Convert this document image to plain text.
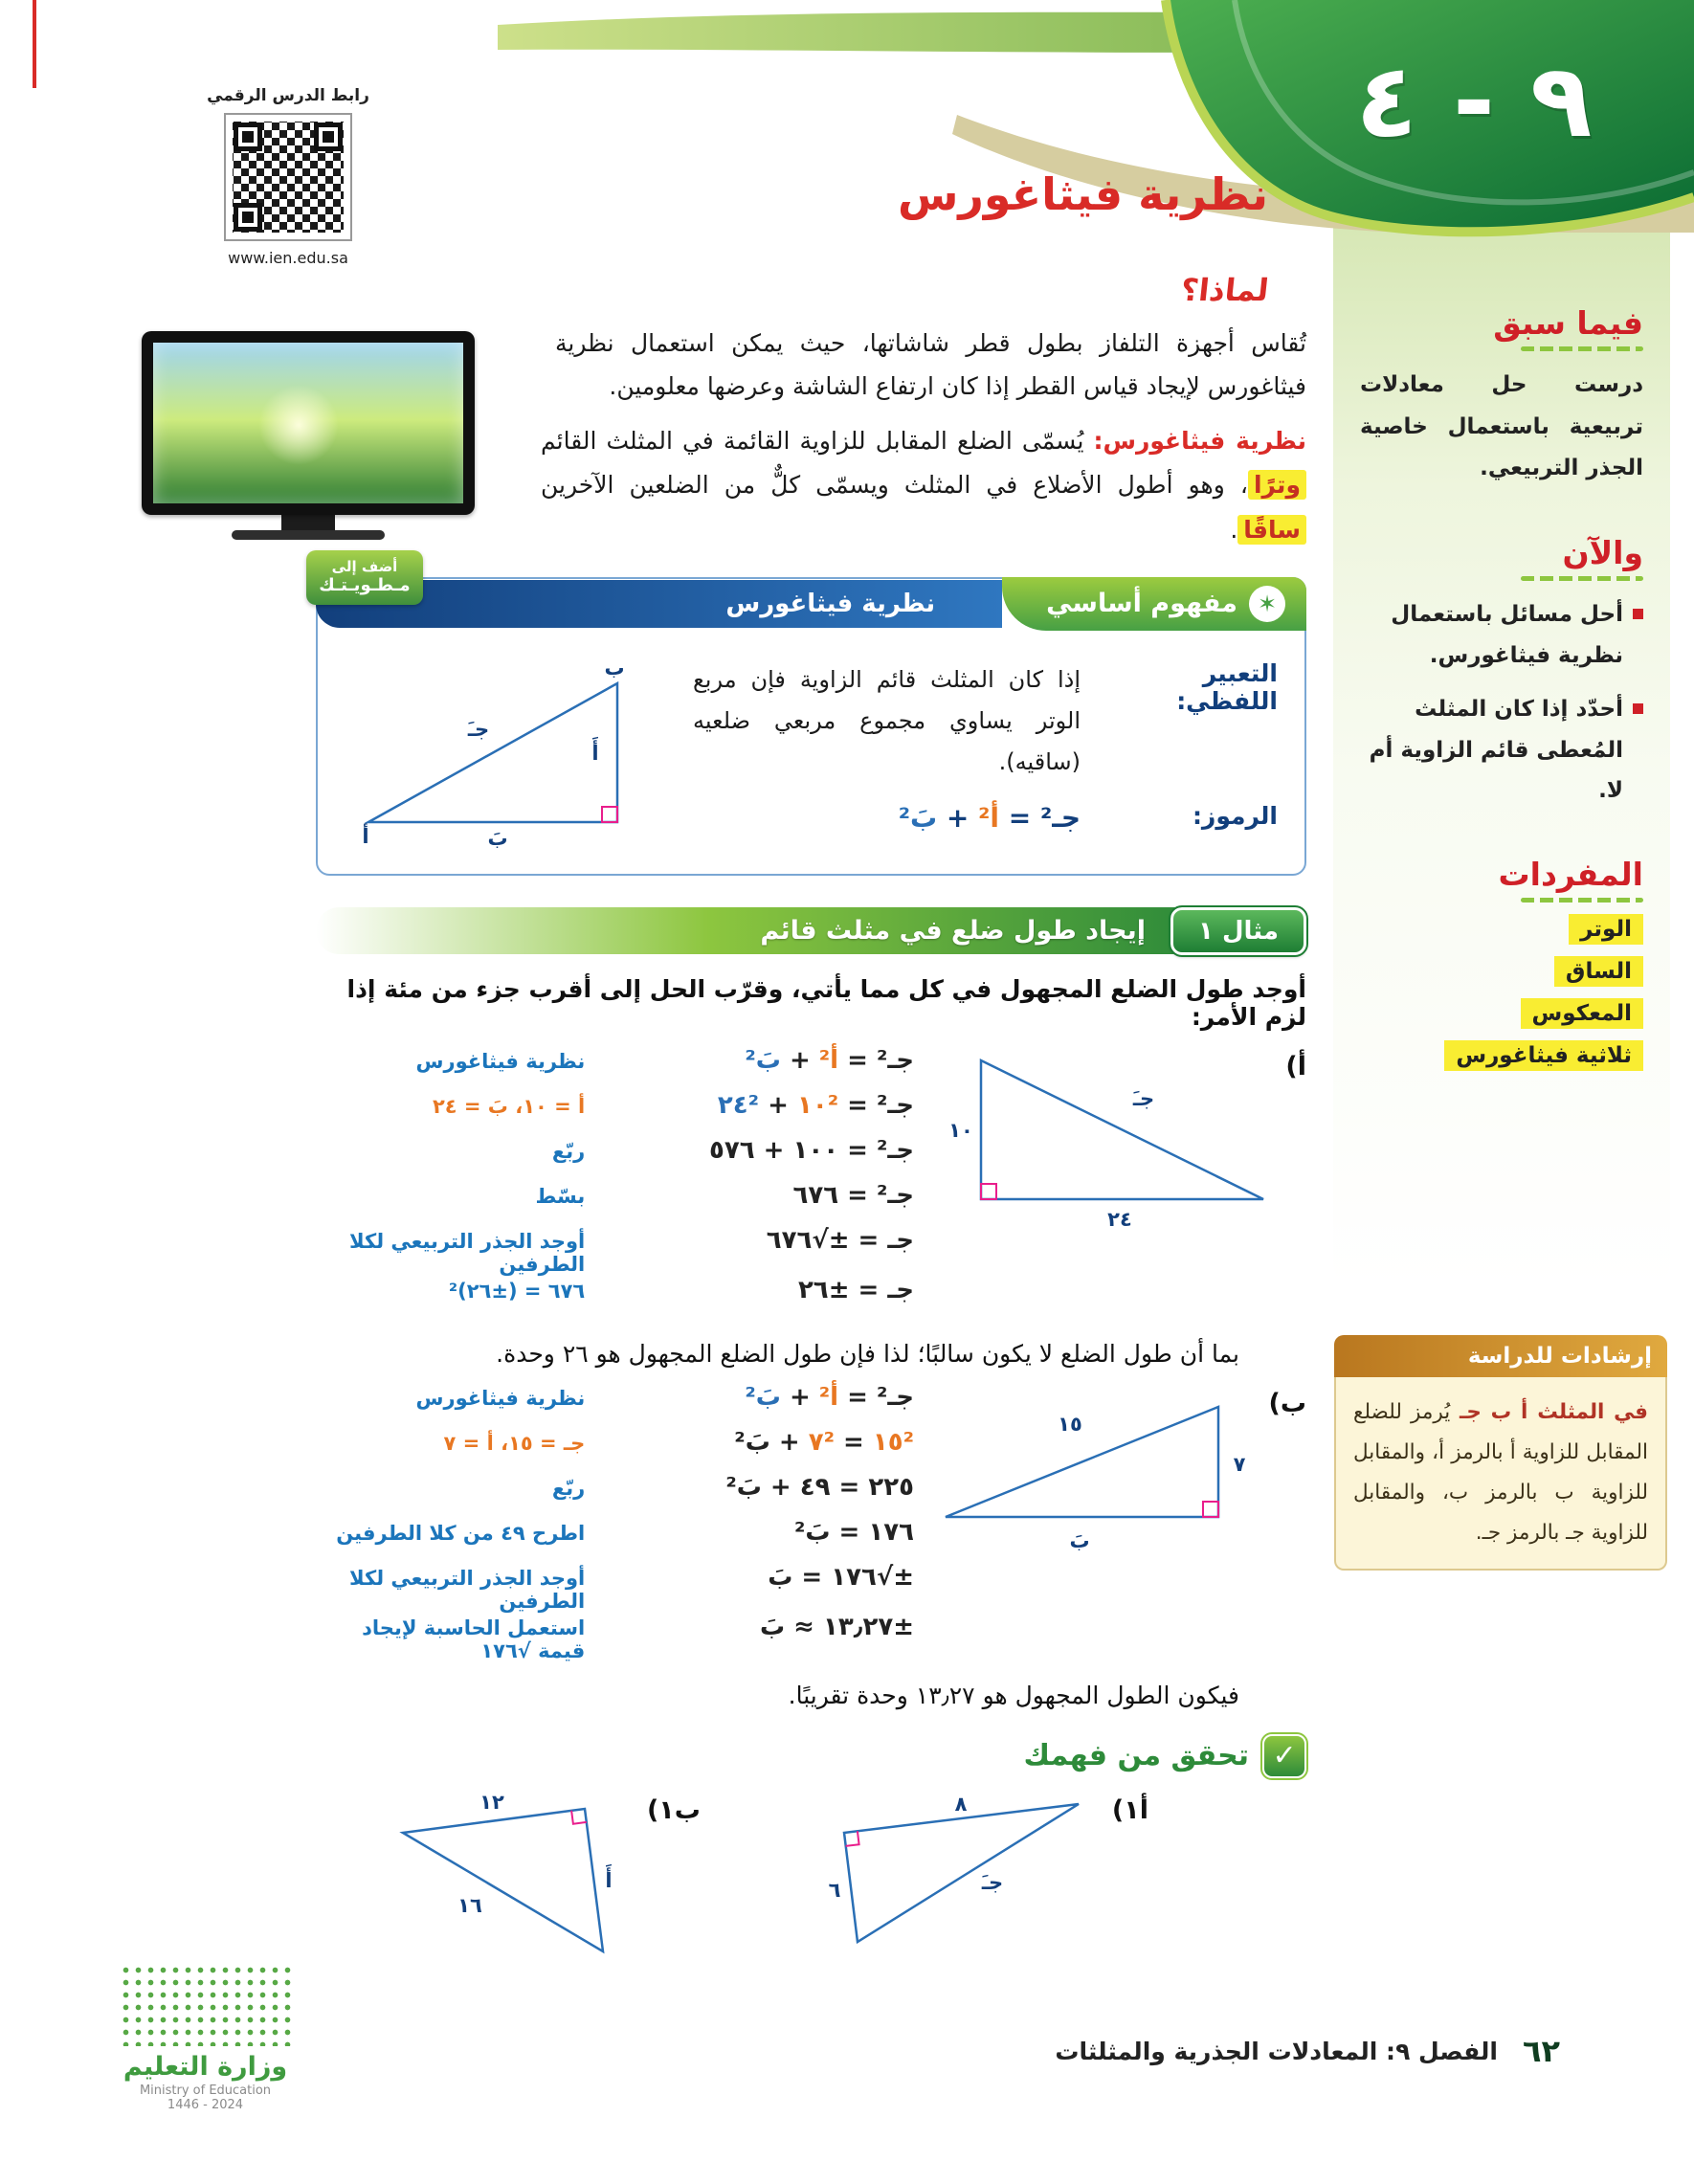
٩ - ٤
رابط الدرس الرقمي
www.ien.edu.sa
نظرية فيثاغورس
لماذا؟
فيما سبق

درست حل معادلات تربيعية باستعمال خاصية الجذر التربيعي.

والآن
أحل مسائل باستعمال نظرية فيثاغورس.
أحدّد إذا كان المثلث المُعطى قائم الزاوية أم لا.
المفردات
الوتر
الساق
المعكوس
ثلاثية فيثاغورس

تُقاس أجهزة التلفاز بطول قطر شاشاتها، حيث يمكن استعمال نظرية فيثاغورس لإيجاد قياس القطر إذا كان ارتفاع الشاشة وعرضها معلومين.

نظرية فيثاغورس: يُسمّى الضلع المقابل للزاوية القائمة في المثلث القائم وترًا، وهو أطول الأضلاع في المثلث ويسمّى كلٌّ من الضلعين الآخرين ساقًا.

✶
مفهوم أساسي
نظرية فيثاغورس
أضف إلى
مـطـويـتـك
التعبير اللفظي:
إذا كان المثلث قائم الزاوية فإن مربع الوتر يساوي مجموع مربعي ضلعيه (ساقيه).
الرموز:
جـ² = أ² + بَ²
ب
جـَ
أَ
أ	بَ
مثال ١
إيجاد طول ضلع في مثلث قائم

أوجد طول الضلع المجهول في كل مما يأتي، وقرّب الحل إلى أقرب جزء من مئة إذا لزم الأمر:

أ)
١٠
٢٤
جـَ
جـ² = أ² + بَ²
نظرية فيثاغورس
جـ² = ١٠² + ٢٤²
أ = ١٠، بَ = ٢٤
جـ² = ١٠٠ + ٥٧٦
ربّع
جـ² = ٦٧٦
بسّط
جـ = ±√٦٧٦
أوجد الجذر التربيعي لكلا الطرفين
جـ = ±٢٦
٦٧٦ = (±٢٦)²

بما أن طول الضلع لا يكون سالبًا؛ لذا فإن طول الضلع المجهول هو ٢٦ وحدة.

ب)
١٥
٧
بَ
جـ² = أ² + بَ²
نظرية فيثاغورس
١٥² = ٧² + بَ²
جـ = ١٥، أ = ٧
٢٢٥ = ٤٩ + بَ²
ربّع
١٧٦ = بَ²
اطرح ٤٩ من كلا الطرفين
±√١٧٦ = بَ
أوجد الجذر التربيعي لكلا الطرفين
±١٣٫٢٧ ≈ بَ
استعمل الحاسبة لإيجاد قيمة √١٧٦

فيكون الطول المجهول هو ١٣٫٢٧ وحدة تقريبًا.

✓
تحقق من فهمك
أ١)
٨
٦	جـَ
ب١)
١٢
أَ
١٦
إرشادات للدراسة

في المثلث أ ب جـ يُرمز للضلع المقابل للزاوية أ بالرمز أ، والمقابل للزاوية ب بالرمز ب، والمقابل للزاوية جـ بالرمز جـ.

٦٢
الفصل ٩: المعادلات الجذرية والمثلثات
وزارة التعليم
Ministry of Education
2024 - 1446
